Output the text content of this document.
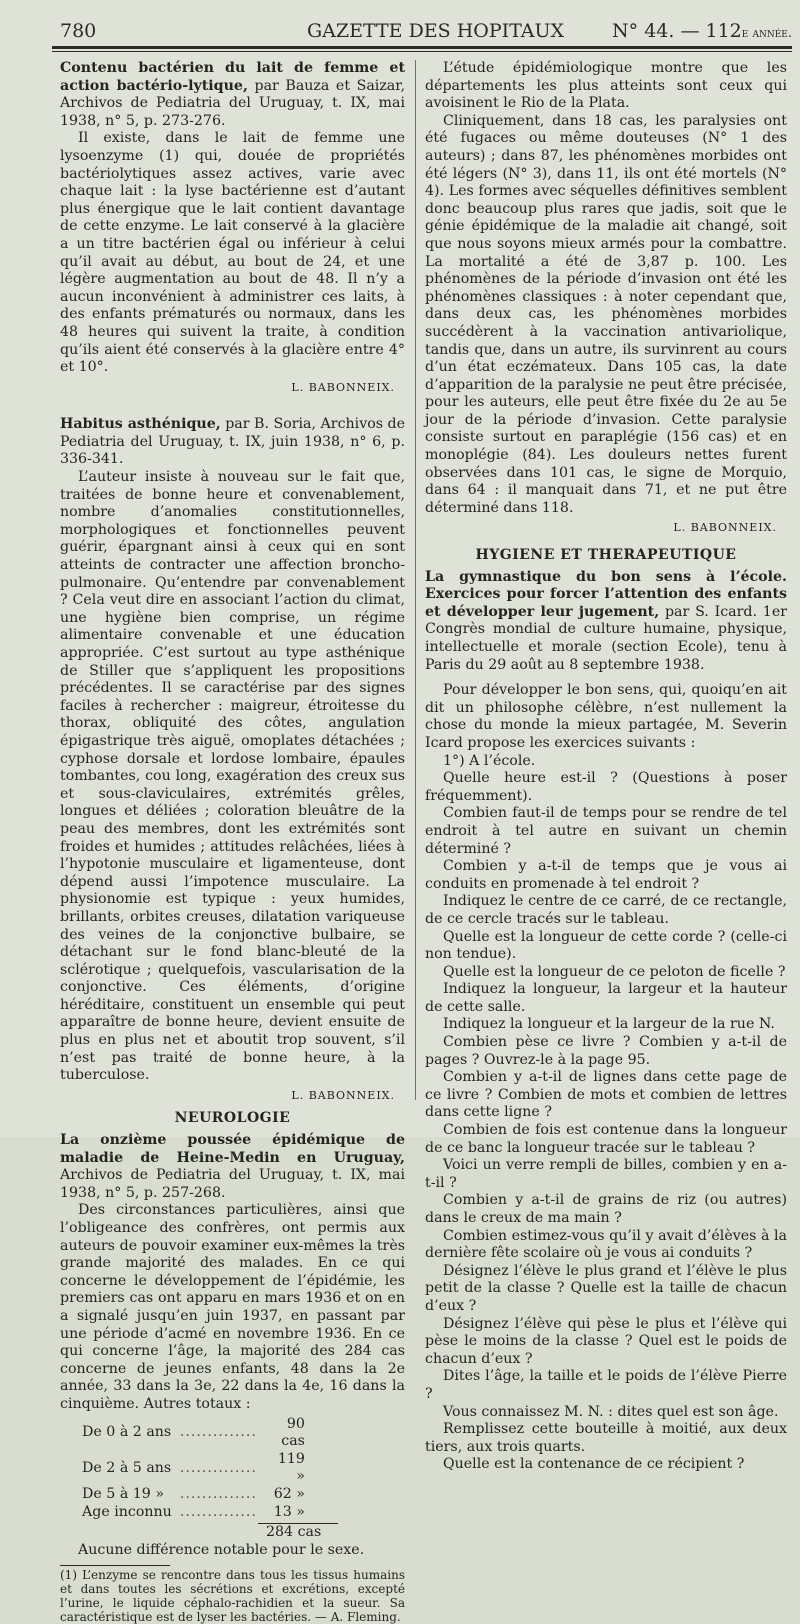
780	GAZETTE DES HOPITAUX	N° 44. — 112e année.

Contenu bactérien du lait de femme et action bactério-lytique, par Bauza et Saizar, Archivos de Pediatria del Uruguay, t. IX, mai 1938, n° 5, p. 273-276.

Il existe, dans le lait de femme une lysoenzyme (1) qui, douée de propriétés bactériolytiques assez actives, varie avec chaque lait : la lyse bactérienne est d’autant plus énergique que le lait contient davantage de cette enzyme. Le lait conservé à la glacière a un titre bactérien égal ou inférieur à celui qu’il avait au début, au bout de 24, et une légère augmentation au bout de 48. Il n’y a aucun inconvénient à administrer ces laits, à des enfants prématurés ou normaux, dans les 48 heures qui suivent la traite, à condition qu’ils aient été conservés à la glacière entre 4° et 10°.

L. BABONNEIX.

Habitus asthénique, par B. Soria, Archivos de Pediatria del Uruguay, t. IX, juin 1938, n° 6, p. 336-341.

L’auteur insiste à nouveau sur le fait que, traitées de bonne heure et convenablement, nombre d’anomalies constitutionnelles, morphologiques et fonctionnelles peuvent guérir, épargnant ainsi à ceux qui en sont atteints de contracter une affection broncho-pulmonaire. Qu’entendre par convenablement ? Cela veut dire en associant l’action du climat, une hygiène bien comprise, un régime alimentaire convenable et une éducation appropriée. C’est surtout au type asthénique de Stiller que s’appliquent les propositions précédentes. Il se caractérise par des signes faciles à rechercher : maigreur, étroitesse du thorax, obliquité des côtes, angulation épigastrique très aiguë, omoplates détachées ; cyphose dorsale et lordose lombaire, épaules tombantes, cou long, exagération des creux sus et sous-claviculaires, extrémités grêles, longues et déliées ; coloration bleuâtre de la peau des membres, dont les extrémités sont froides et humides ; attitudes relâchées, liées à l’hypotonie musculaire et ligamenteuse, dont dépend aussi l’impotence musculaire. La physionomie est typique : yeux humides, brillants, orbites creuses, dilatation variqueuse des veines de la conjonctive bulbaire, se détachant sur le fond blanc-bleuté de la sclérotique ; quelquefois, vascularisation de la conjonctive. Ces éléments, d’origine héréditaire, constituent un ensemble qui peut apparaître de bonne heure, devient ensuite de plus en plus net et aboutit trop souvent, s’il n’est pas traité de bonne heure, à la tuberculose.

L. BABONNEIX.
NEUROLOGIE

La onzième poussée épidémique de maladie de Heine-Medin en Uruguay, Archivos de Pediatria del Uruguay, t. IX, mai 1938, n° 5, p. 257-268.

Des circonstances particulières, ainsi que l’obligeance des confrères, ont permis aux auteurs de pouvoir examiner eux-mêmes la très grande majorité des malades. En ce qui concerne le développement de l’épidémie, les premiers cas ont apparu en mars 1936 et on en a signalé jusqu’en juin 1937, en passant par une période d’acmé en novembre 1936. En ce qui concerne l’âge, la majorité des 284 cas concerne de jeunes enfants, 48 dans la 2e année, 33 dans la 3e, 22 dans la 4e, 16 dans la cinquième. Autres totaux :

De 0 à 2 ans	..............	90 cas
De 2 à 5 ans	..............	119 »
De 5 à 19 »	..............	62 »
Age inconnu	..............	13 »
284 cas

Aucune différence notable pour le sexe.

(1) L’enzyme se rencontre dans tous les tissus humains et dans toutes les sécrétions et excrétions, excepté l’urine, le liquide céphalo-rachidien et la sueur. Sa caractéristique est de lyser les bactéries. — A. Fleming.

L’étude épidémiologique montre que les départements les plus atteints sont ceux qui avoisinent le Rio de la Plata.

Cliniquement, dans 18 cas, les paralysies ont été fugaces ou même douteuses (N° 1 des auteurs) ; dans 87, les phénomènes morbides ont été légers (N° 3), dans 11, ils ont été mortels (N° 4). Les formes avec séquelles définitives semblent donc beaucoup plus rares que jadis, soit que le génie épidémique de la maladie ait changé, soit que nous soyons mieux armés pour la combattre. La mortalité a été de 3,87 p. 100. Les phénomènes de la période d’invasion ont été les phénomènes classiques : à noter cependant que, dans deux cas, les phénomènes morbides succédèrent à la vaccination antivariolique, tandis que, dans un autre, ils survinrent au cours d’un état eczémateux. Dans 105 cas, la date d’apparition de la paralysie ne peut être précisée, pour les auteurs, elle peut être fixée du 2e au 5e jour de la période d’invasion. Cette paralysie consiste surtout en paraplégie (156 cas) et en monoplégie (84). Les douleurs nettes furent observées dans 101 cas, le signe de Morquio, dans 64 : il manquait dans 71, et ne put être déterminé dans 118.

L. BABONNEIX.
HYGIENE ET THERAPEUTIQUE

La gymnastique du bon sens à l’école. Exercices pour forcer l’attention des enfants et développer leur jugement, par S. Icard. 1er Congrès mondial de culture humaine, physique, intellectuelle et morale (section Ecole), tenu à Paris du 29 août au 8 septembre 1938.

Pour développer le bon sens, qui, quoiqu’en ait dit un philosophe célèbre, n’est nullement la chose du monde la mieux partagée, M. Severin Icard propose les exercices suivants :

1°) A l’école.

Quelle heure est-il ? (Questions à poser fréquemment).

Combien faut-il de temps pour se rendre de tel endroit à tel autre en suivant un chemin déterminé ?

Combien y a-t-il de temps que je vous ai conduits en promenade à tel endroit ?

Indiquez le centre de ce carré, de ce rectangle, de ce cercle tracés sur le tableau.

Quelle est la longueur de cette corde ? (celle-ci non tendue).

Quelle est la longueur de ce peloton de ficelle ?

Indiquez la longueur, la largeur et la hauteur de cette salle.

Indiquez la longueur et la largeur de la rue N.

Combien pèse ce livre ? Combien y a-t-il de pages ? Ouvrez-le à la page 95.

Combien y a-t-il de lignes dans cette page de ce livre ? Combien de mots et combien de lettres dans cette ligne ?

Combien de fois est contenue dans la longueur de ce banc la longueur tracée sur le tableau ?

Voici un verre rempli de billes, combien y en a-t-il ?

Combien y a-t-il de grains de riz (ou autres) dans le creux de ma main ?

Combien estimez-vous qu’il y avait d’élèves à la dernière fête scolaire où je vous ai conduits ?

Désignez l’élève le plus grand et l’élève le plus petit de la classe ? Quelle est la taille de chacun d’eux ?

Désignez l’élève qui pèse le plus et l’élève qui pèse le moins de la classe ? Quel est le poids de chacun d’eux ?

Dites l’âge, la taille et le poids de l’élève Pierre ?

Vous connaissez M. N. : dites quel est son âge.

Remplissez cette bouteille à moitié, aux deux tiers, aux trois quarts.

Quelle est la contenance de ce récipient ?
